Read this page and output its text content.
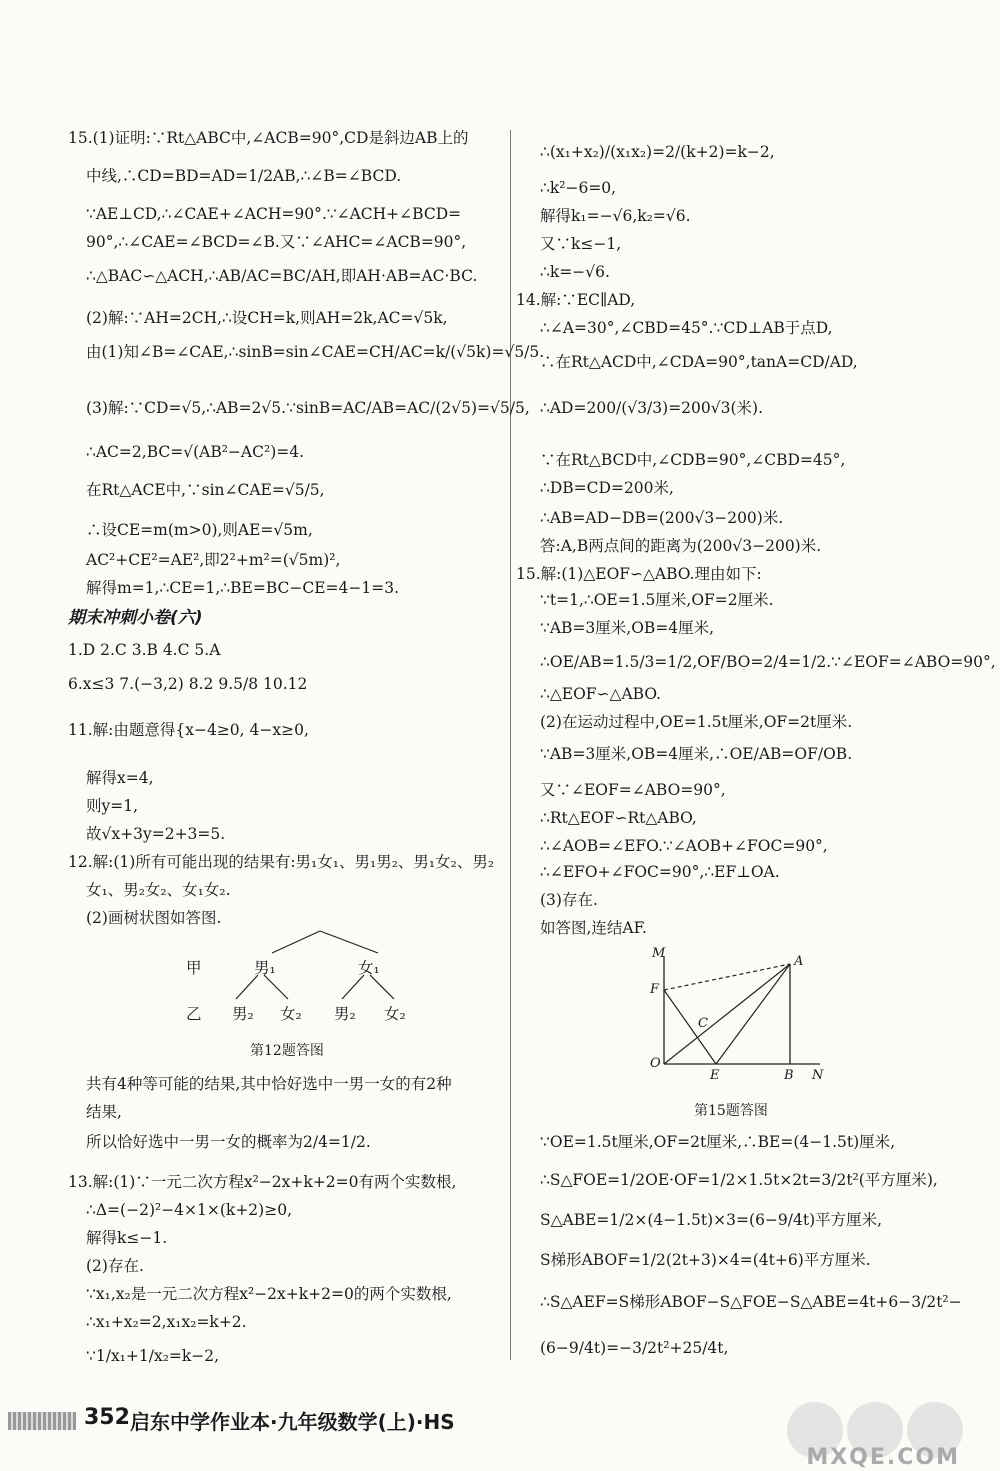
15.(1)证明:∵Rt△ABC中,∠ACB=90°,CD是斜边AB上的
中线,∴CD=BD=AD=1/2AB,∴∠B=∠BCD.
∵AE⊥CD,∴∠CAE+∠ACH=90°.∵∠ACH+∠BCD=
90°,∴∠CAE=∠BCD=∠B.又∵∠AHC=∠ACB=90°,
∴△BAC∽△ACH,∴AB/AC=BC/AH,即AH·AB=AC·BC.
(2)解:∵AH=2CH,∴设CH=k,则AH=2k,AC=√5k,
由(1)知∠B=∠CAE,∴sinB=sin∠CAE=CH/AC=k/(√5k)=√5/5.
(3)解:∵CD=√5,∴AB=2√5.∵sinB=AC/AB=AC/(2√5)=√5/5,
∴AC=2,BC=√(AB²−AC²)=4.
在Rt△ACE中,∵sin∠CAE=√5/5,
∴设CE=m(m>0),则AE=√5m,
AC²+CE²=AE²,即2²+m²=(√5m)²,
解得m=1,∴CE=1,∴BE=BC−CE=4−1=3.
期末冲刺小卷(六)
1.D 2.C 3.B 4.C 5.A
6.x≤3 7.(−3,2) 8.2 9.5/8 10.12
11.解:由题意得{x−4≥0, 4−x≥0,
解得x=4,
则y=1,
故√x+3y=2+3=5.
12.解:(1)所有可能出现的结果有:男₁女₁、男₁男₂、男₁女₂、男₂
女₁、男₂女₂、女₁女₂.
(2)画树状图如答图.
甲	男₁	女₁
乙 男₂ 女₂ 男₂ 女₂
第12题答图
共有4种等可能的结果,其中恰好选中一男一女的有2种
结果,
所以恰好选中一男一女的概率为2/4=1/2.
13.解:(1)∵一元二次方程x²−2x+k+2=0有两个实数根,
∴Δ=(−2)²−4×1×(k+2)≥0,
解得k≤−1.
(2)存在.
∵x₁,x₂是一元二次方程x²−2x+k+2=0的两个实数根,
∴x₁+x₂=2,x₁x₂=k+2.
∵1/x₁+1/x₂=k−2,
∴(x₁+x₂)/(x₁x₂)=2/(k+2)=k−2,
∴k²−6=0,
解得k₁=−√6,k₂=√6.
又∵k≤−1,
∴k=−√6.
14.解:∵EC∥AD,
∴∠A=30°,∠CBD=45°.∵CD⊥AB于点D,
∴在Rt△ACD中,∠CDA=90°,tanA=CD/AD,
∴AD=200/(√3/3)=200√3(米).
∵在Rt△BCD中,∠CDB=90°,∠CBD=45°,
∴DB=CD=200米,
∴AB=AD−DB=(200√3−200)米.
答:A,B两点间的距离为(200√3−200)米.
15.解:(1)△EOF∽△ABO.理由如下:
∵t=1,∴OE=1.5厘米,OF=2厘米.
∵AB=3厘米,OB=4厘米,
∴OE/AB=1.5/3=1/2,OF/BO=2/4=1/2.∵∠EOF=∠ABO=90°,
∴△EOF∽△ABO.
(2)在运动过程中,OE=1.5t厘米,OF=2t厘米.
∵AB=3厘米,OB=4厘米,∴OE/AB=OF/OB.
又∵∠EOF=∠ABO=90°,
∴Rt△EOF∽Rt△ABO,
∴∠AOB=∠EFO.∵∠AOB+∠FOC=90°,
∴∠EFO+∠FOC=90°,∴EF⊥OA.
(3)存在.
如答图,连结AF.
M
A
F
C
O
E	B N
第15题答图
∵OE=1.5t厘米,OF=2t厘米,∴BE=(4−1.5t)厘米,
∴S△FOE=1/2OE·OF=1/2×1.5t×2t=3/2t²(平方厘米),
S△ABE=1/2×(4−1.5t)×3=(6−9/4t)平方厘米,
S梯形ABOF=1/2(2t+3)×4=(4t+6)平方厘米.
∴S△AEF=S梯形ABOF−S△FOE−S△ABE=4t+6−3/2t²−
(6−9/4t)=−3/2t²+25/4t,
352 启东中学作业本·九年级数学(上)·HS
MXQE.COM
